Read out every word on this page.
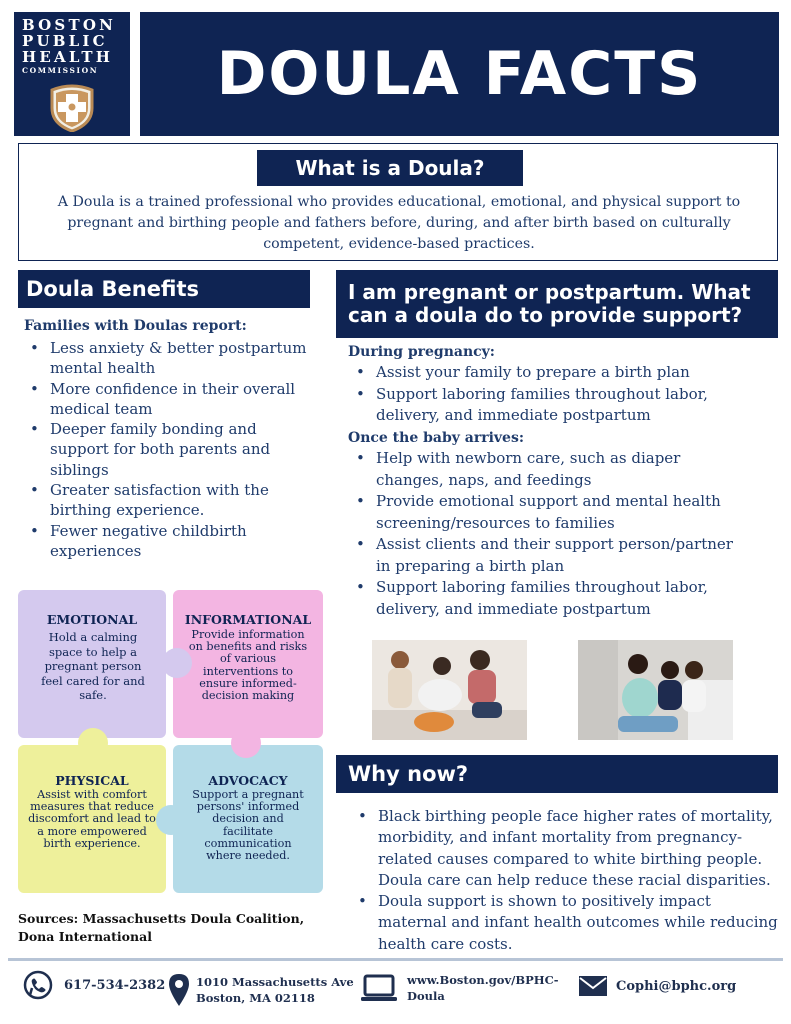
BOSTON
PUBLIC
HEALTH
COMMISSION	DOULA FACTS
What is a Doula?

A Doula is a trained professional who provides educational, emotional, and physical support to pregnant and birthing people and fathers before, during, and after birth based on culturally competent, evidence-based practices.

Doula Benefits
Families with Doulas report:
• Less anxiety & better postpartum mental health
• More confidence in their overall medical team
• Deeper family bonding and support for both parents and siblings
• Greater satisfaction with the birthing experience.
• Fewer negative childbirth experiences
I am pregnant or postpartum. What can a doula do to provide support?
During pregnancy:
• Assist your family to prepare a birth plan
• Support laboring families throughout labor, delivery, and immediate postpartum
Once the baby arrives:
• Help with newborn care, such as diaper changes, naps, and feedings
• Provide emotional support and mental health screening/resources to families
• Assist clients and their support person/partner in preparing a birth plan
• Support laboring families throughout labor, delivery, and immediate postpartum
EMOTIONAL
Hold a calming space to help a pregnant person feel cared for and safe.
INFORMATIONAL
Provide information on benefits and risks of various interventions to ensure informed-decision making
PHYSICAL
Assist with comfort measures that reduce discomfort and lead to a more empowered birth experience.
ADVOCACY
Support a pregnant persons' informed decision and facilitate communication where needed.
Why now?
• Black birthing people face higher rates of mortality, morbidity, and infant mortality from pregnancy-related causes compared to white birthing people. Doula care can help reduce these racial disparities.
• Doula support is shown to positively impact maternal and infant health outcomes while reducing health care costs.
Sources: Massachusetts Doula Coalition, Dona International
617-534-2382	1010 Massachusetts Ave
Boston, MA 02118
www.Boston.gov/BPHC-
Doula
Cophi@bphc.org
